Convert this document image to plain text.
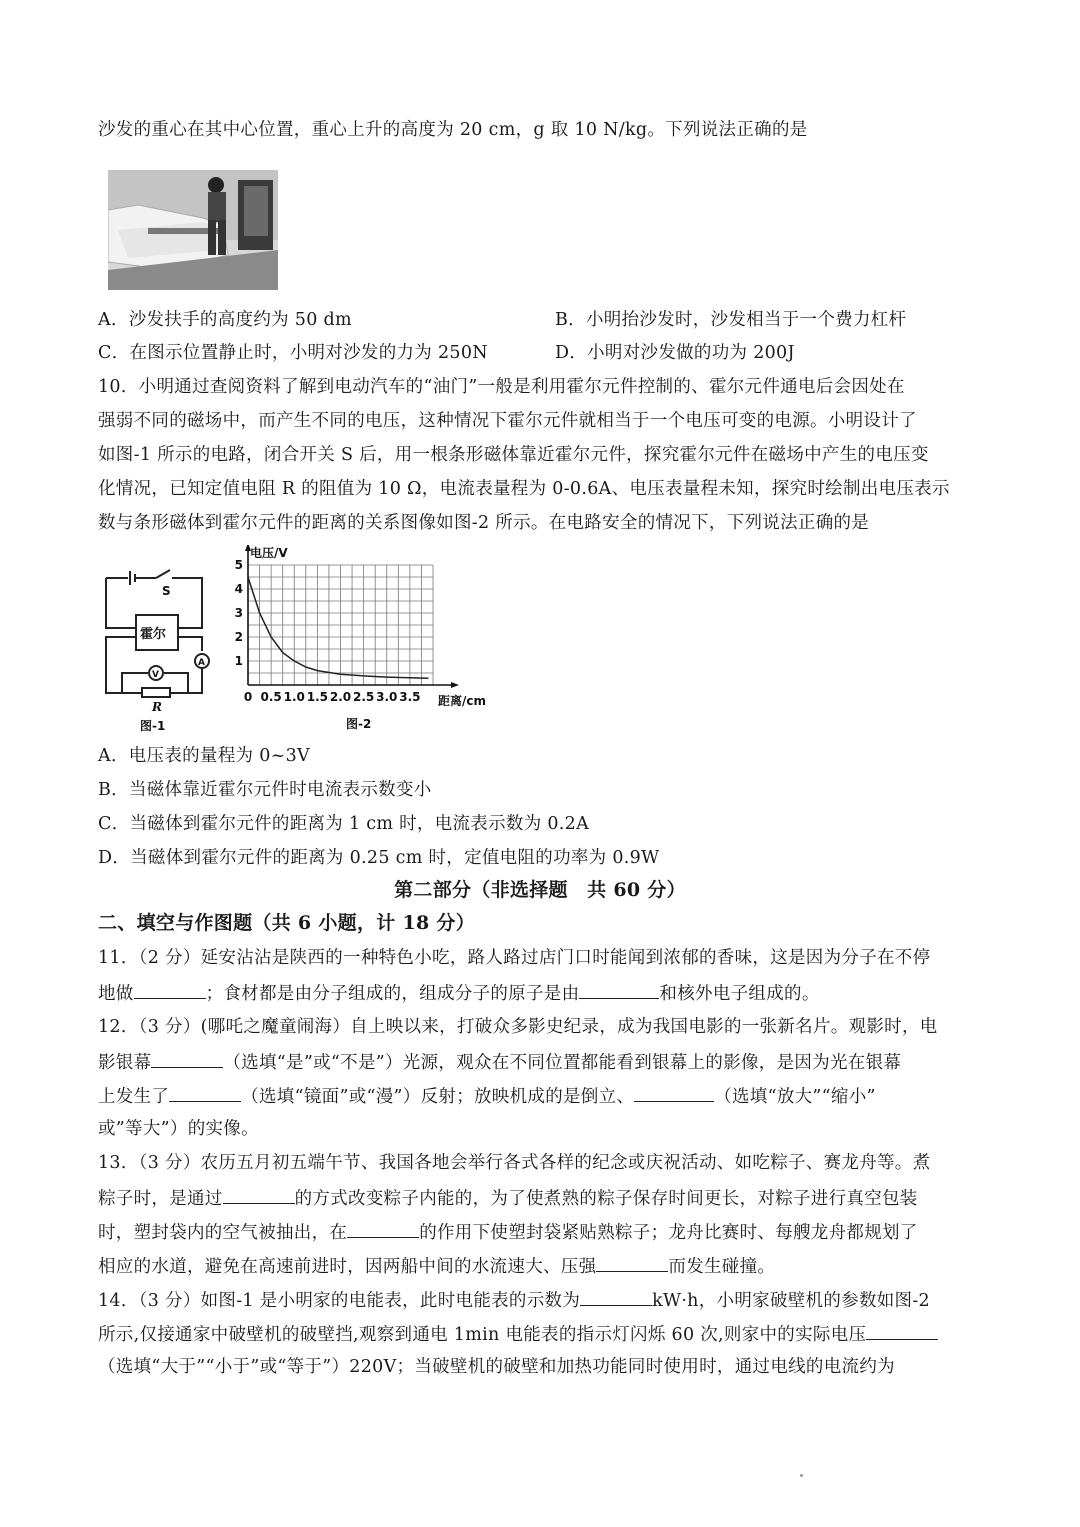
沙发的重心在其中心位置，重心上升的高度为 20 cm，g 取 10 N/kg。下列说法正确的是
A．沙发扶手的高度约为 50 dm	B．小明抬沙发时，沙发相当于一个费力杠杆
C．在图示位置静止时，小明对沙发的力为 250N	D．小明对沙发做的功为 200J
10．小明通过查阅资料了解到电动汽车的“油门”一般是利用霍尔元件控制的、霍尔元件通电后会因处在
强弱不同的磁场中，而产生不同的电压，这种情况下霍尔元件就相当于一个电压可变的电源。小明设计了
如图-1 所示的电路，闭合开关 S 后，用一根条形磁体靠近霍尔元件，探究霍尔元件在磁场中产生的电压变
化情况，已知定值电阻 R 的阻值为 10 Ω，电流表量程为 0-0.6A、电压表量程未知，探究时绘制出电压表示
数与条形磁体到霍尔元件的距离的关系图像如图-2 所示。在电路安全的情况下，下列说法正确的是
S
霍尔
A
V
R
图-1
0 0.5 1.0 1.5 2.0 2.5 3.0 3.5
1
2
3
4
5
电压/V
距离/cm
图-2
A．电压表的量程为 0~3V
B．当磁体靠近霍尔元件时电流表示数变小
C．当磁体到霍尔元件的距离为 1 cm 时，电流表示数为 0.2A
D．当磁体到霍尔元件的距离为 0.25 cm 时，定值电阻的功率为 0.9W
第二部分（非选择题　共 60 分）
二、填空与作图题（共 6 小题，计 18 分）
11．（2 分）延安沾沾是陕西的一种特色小吃，路人路过店门口时能闻到浓郁的香味，这是因为分子在不停
地做	；食材都是由分子组成的，组成分子的原子是由	和核外电子组成的。
12．（3 分）(哪吒之魔童闹海）自上映以来，打破众多影史纪录，成为我国电影的一张新名片。观影时，电
影银幕	（选填“是”或“不是”）光源，观众在不同位置都能看到银幕上的影像，是因为光在银幕
上发生了	（选填“镜面”或“漫”）反射；放映机成的是倒立、	（选填“放大”“缩小”
或”等大”）的实像。
13．（3 分）农历五月初五端午节、我国各地会举行各式各样的纪念或庆祝活动、如吃粽子、赛龙舟等。煮
粽子时，是通过	的方式改变粽子内能的，为了使煮熟的粽子保存时间更长，对粽子进行真空包装
时，塑封袋内的空气被抽出，在	的作用下使塑封袋紧贴熟粽子；龙舟比赛时、每艘龙舟都规划了
相应的水道，避免在高速前进时，因两船中间的水流速大、压强	而发生碰撞。
14．（3 分）如图-1 是小明家的电能表，此时电能表的示数为	kW·h，小明家破壁机的参数如图-2
所示,仅接通家中破壁机的破壁挡,观察到通电 1min 电能表的指示灯闪烁 60 次,则家中的实际电压
（选填“大于”“小于”或“等于”）220V；当破壁机的破壁和加热功能同时使用时，通过电线的电流约为
